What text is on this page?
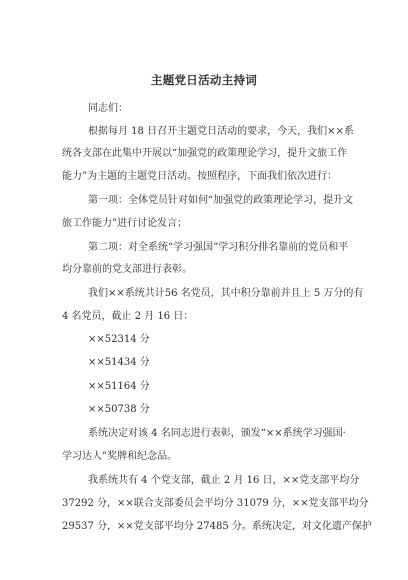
主题党日活动主持词
同志们：
根据每月 18 日召开主题党日活动的要求，今天，我们××系
统各支部在此集中开展以“加强党的政策理论学习，提升文旅工作
能力”为主题的主题党日活动。按照程序，下面我们依次进行：
第一项：全体党员针对如何“加强党的政策理论学习，提升文
旅工作能力”进行讨论发言；
第二项：对全系统“学习强国”学习积分排名靠前的党员和平
均分靠前的党支部进行表彰。
我们××系统共计56 名党员，其中积分靠前并且上 5 万分的有
4 名党员，截止 2 月 16 日：
××52314 分
××51434 分
××51164 分
××50738 分
系统决定对该 4 名同志进行表彰，颁发“××系统学习强国·
学习达人”奖牌和纪念品。
我系统共有 4 个党支部，截止 2 月 16 日，××党支部平均分
37292 分，××联合支部委员会平均分 31079 分，××党支部平均分
29537 分，××党支部平均分 27485 分。系统决定，对文化遗产保护
